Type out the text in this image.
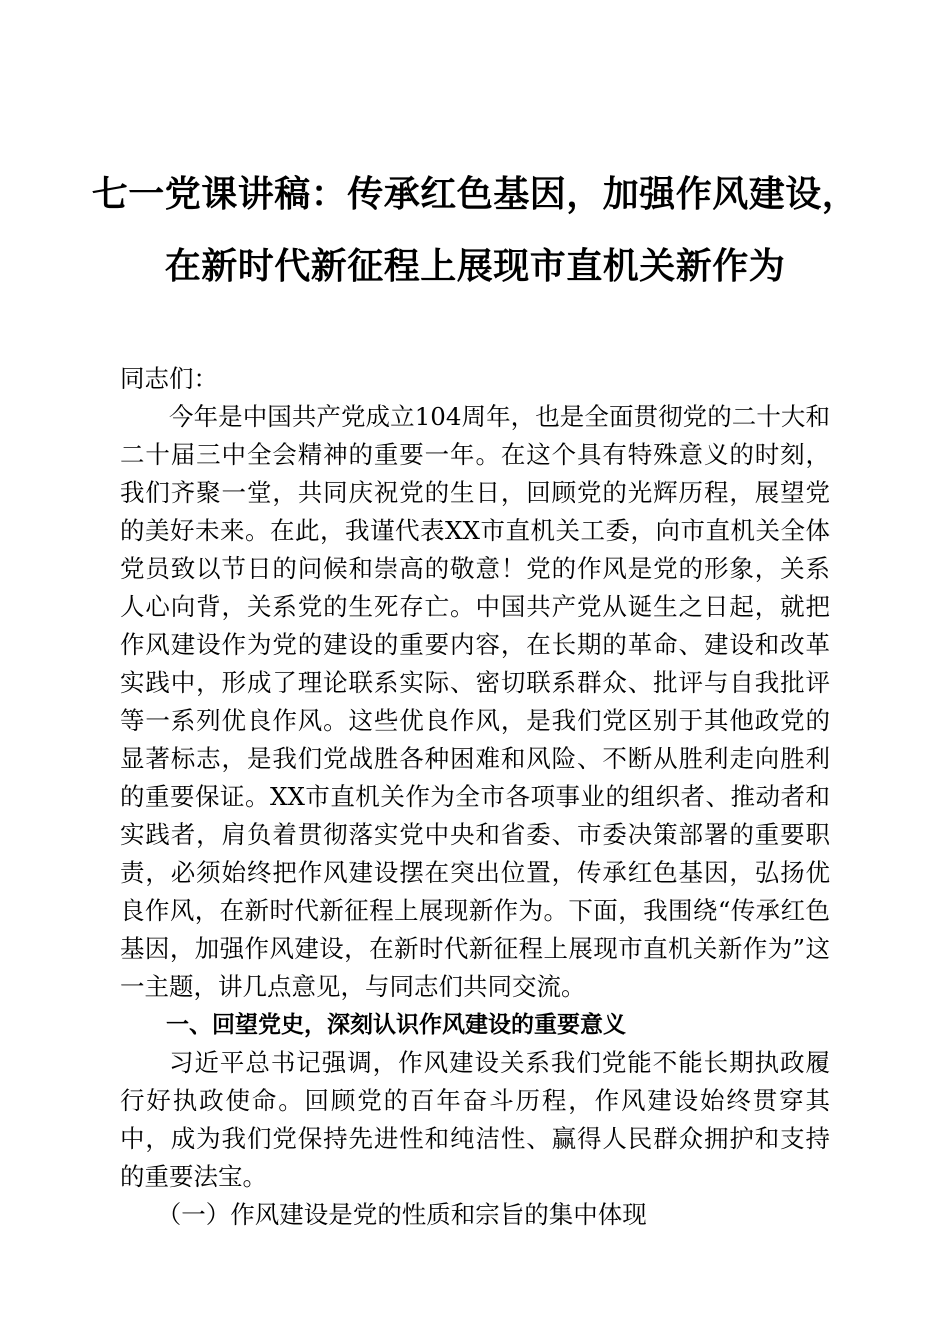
七一党课讲稿：传承红色基因，加强作风建设，
在新时代新征程上展现市直机关新作为

同志们：

今年是中国共产党成立104周年，也是全面贯彻党的二十大和二十届三中全会精神的重要一年。在这个具有特殊意义的时刻，我们齐聚一堂，共同庆祝党的生日，回顾党的光辉历程，展望党的美好未来。在此，我谨代表XX市直机关工委，向市直机关全体党员致以节日的问候和崇高的敬意！党的作风是党的形象，关系人心向背，关系党的生死存亡。中国共产党从诞生之日起，就把作风建设作为党的建设的重要内容，在长期的革命、建设和改革实践中，形成了理论联系实际、密切联系群众、批评与自我批评等一系列优良作风。这些优良作风，是我们党区别于其他政党的显著标志，是我们党战胜各种困难和风险、不断从胜利走向胜利的重要保证。XX市直机关作为全市各项事业的组织者、推动者和实践者，肩负着贯彻落实党中央和省委、市委决策部署的重要职责，必须始终把作风建设摆在突出位置，传承红色基因，弘扬优良作风，在新时代新征程上展现新作为。下面，我围绕“传承红色基因，加强作风建设，在新时代新征程上展现市直机关新作为”这一主题，讲几点意见，与同志们共同交流。

一、回望党史，深刻认识作风建设的重要意义

习近平总书记强调，作风建设关系我们党能不能长期执政履行好执政使命。回顾党的百年奋斗历程，作风建设始终贯穿其中，成为我们党保持先进性和纯洁性、赢得人民群众拥护和支持的重要法宝。

（一）作风建设是党的性质和宗旨的集中体现
